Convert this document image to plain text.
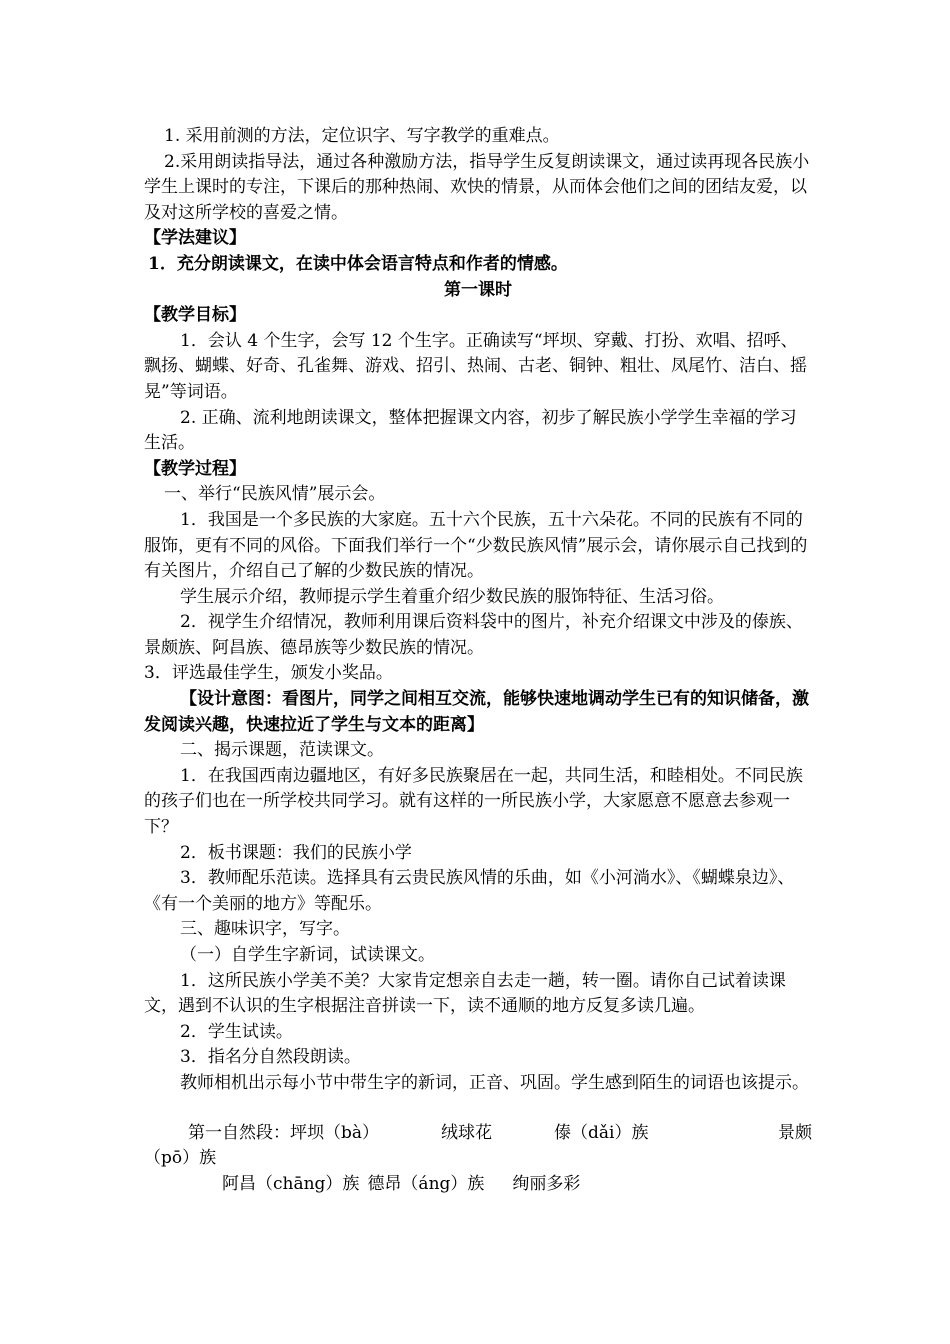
1. 采用前测的方法，定位识字、写字教学的重难点。

2.采用朗读指导法，通过各种激励方法，指导学生反复朗读课文，通过读再现各民族小学生上课时的专注，下课后的那种热闹、欢快的情景，从而体会他们之间的团结友爱，以及对这所学校的喜爱之情。

【学法建议】

1．充分朗读课文，在读中体会语言特点和作者的情感。

第一课时

【教学目标】

1．会认 4 个生字，会写 12 个生字。正确读写“坪坝、穿戴、打扮、欢唱、招呼、飘扬、蝴蝶、好奇、孔雀舞、游戏、招引、热闹、古老、铜钟、粗壮、凤尾竹、洁白、摇晃”等词语。

2. 正确、流利地朗读课文，整体把握课文内容，初步了解民族小学学生幸福的学习生活。

【教学过程】

一、举行“民族风情”展示会。

1．我国是一个多民族的大家庭。五十六个民族，五十六朵花。不同的民族有不同的服饰，更有不同的风俗。下面我们举行一个“少数民族风情”展示会，请你展示自己找到的有关图片，介绍自己了解的少数民族的情况。

学生展示介绍，教师提示学生着重介绍少数民族的服饰特征、生活习俗。

2．视学生介绍情况，教师利用课后资料袋中的图片，补充介绍课文中涉及的傣族、景颇族、阿昌族、德昂族等少数民族的情况。

3．评选最佳学生，颁发小奖品。

【设计意图：看图片，同学之间相互交流，能够快速地调动学生已有的知识储备，激发阅读兴趣，快速拉近了学生与文本的距离】

二、揭示课题，范读课文。

1．在我国西南边疆地区，有好多民族聚居在一起，共同生活，和睦相处。不同民族的孩子们也在一所学校共同学习。就有这样的一所民族小学，大家愿意不愿意去参观一下？

2．板书课题：我们的民族小学

3．教师配乐范读。选择具有云贵民族风情的乐曲，如《小河淌水》、《蝴蝶泉边》、《有一个美丽的地方》等配乐。

三、趣味识字，写字。

（一）自学生字新词，试读课文。

1．这所民族小学美不美？大家肯定想亲自去走一趟，转一圈。请你自己试着读课文，遇到不认识的生字根据注音拼读一下，读不通顺的地方反复多读几遍。

2．学生试读。

3．指名分自然段朗读。

教师相机出示每小节中带生字的新词，正音、巩固。学生感到陌生的词语也该提示。

第一自然段：坪坝（bà）	绒球花	傣（dǎi）族	景颇

（pō）族

阿昌（chāng）族 德昂（áng）族 绚丽多彩
